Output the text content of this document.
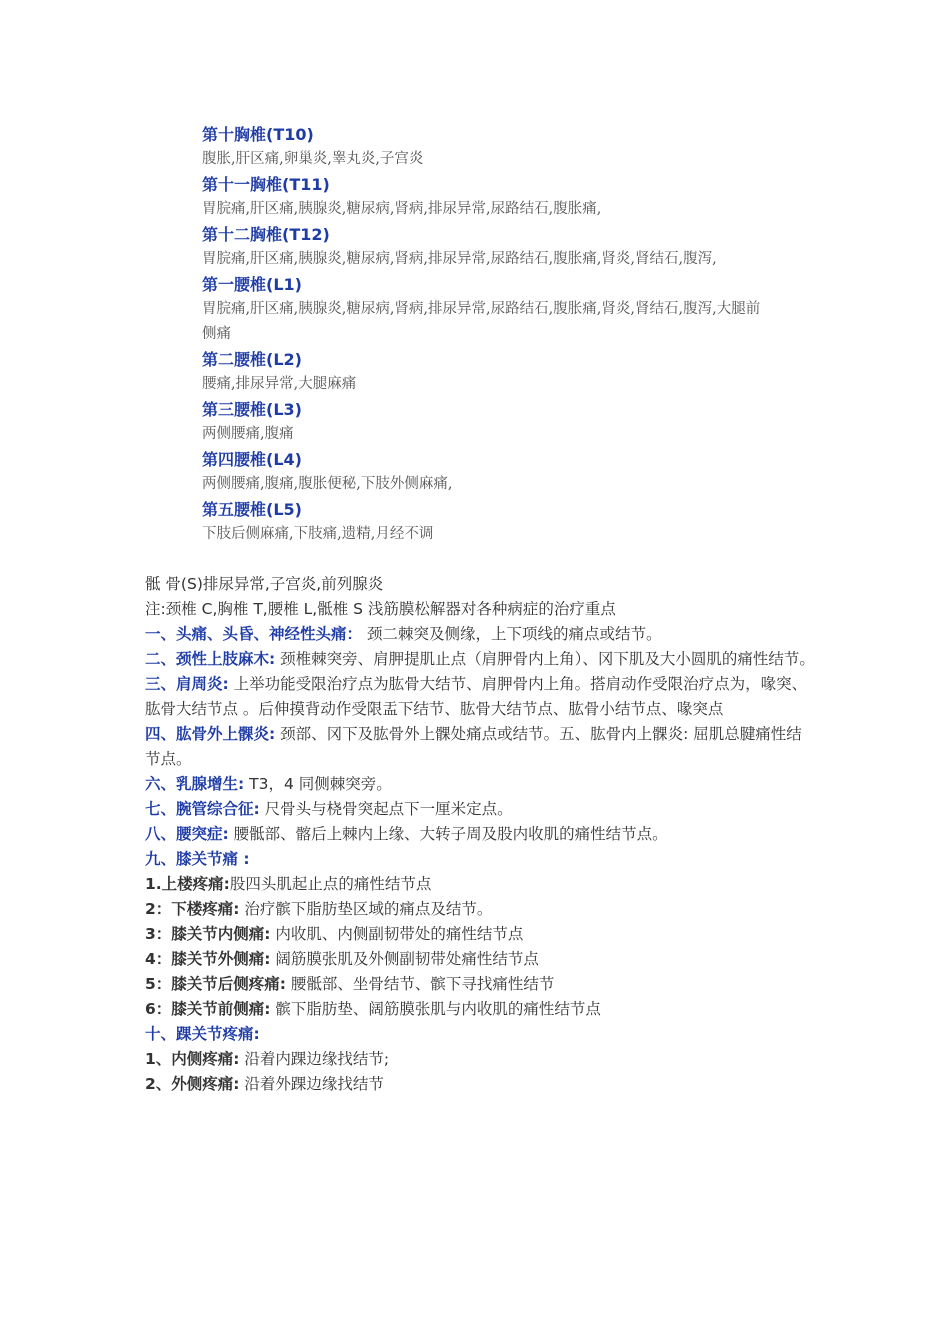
第十胸椎(T10)
腹胀,肝区痛,卵巢炎,睾丸炎,子宫炎
第十一胸椎(T11)
胃脘痛,肝区痛,胰腺炎,糖尿病,肾病,排尿异常,尿路结石,腹胀痛,
第十二胸椎(T12)
胃脘痛,肝区痛,胰腺炎,糖尿病,肾病,排尿异常,尿路结石,腹胀痛,肾炎,肾结石,腹泻,
第一腰椎(L1)
胃脘痛,肝区痛,胰腺炎,糖尿病,肾病,排尿异常,尿路结石,腹胀痛,肾炎,肾结石,腹泻,大腿前侧痛
第二腰椎(L2)
腰痛,排尿异常,大腿麻痛
第三腰椎(L3)
两侧腰痛,腹痛
第四腰椎(L4)
两侧腰痛,腹痛,腹胀便秘,下肢外侧麻痛,
第五腰椎(L5)
下肢后侧麻痛,下肢痛,遗精,月经不调
骶 骨(S)排尿异常,子宫炎,前列腺炎
注:颈椎 C,胸椎 T,腰椎 L,骶椎 S 浅筋膜松解器对各种病症的治疗重点
一、头痛、头昏、神经性头痛： 颈二棘突及侧缘，上下项线的痛点或结节。
二、颈性上肢麻木: 颈椎棘突旁、肩胛提肌止点（肩胛骨内上角）、冈下肌及大小圆肌的痛性结节。
三、肩周炎: 上举功能受限治疗点为肱骨大结节、肩胛骨内上角。搭肩动作受限治疗点为，喙突、肱骨大结节点 。后伸摸背动作受限盂下结节、肱骨大结节点、肱骨小结节点、喙突点
四、肱骨外上髁炎: 颈部、冈下及肱骨外上髁处痛点或结节。五、肱骨内上髁炎: 屈肌总腱痛性结节点。
六、乳腺增生: T3，4 同侧棘突旁。
七、腕管综合征: 尺骨头与桡骨突起点下一厘米定点。
八、腰突症: 腰骶部、髂后上棘内上缘、大转子周及股内收肌的痛性结节点。
九、膝关节痛 :
1.上楼疼痛:股四头肌起止点的痛性结节点
2：下楼疼痛: 治疗髌下脂肪垫区域的痛点及结节。
3：膝关节内侧痛: 内收肌、内侧副韧带处的痛性结节点
4：膝关节外侧痛: 阔筋膜张肌及外侧副韧带处痛性结节点
5：膝关节后侧疼痛: 腰骶部、坐骨结节、髌下寻找痛性结节
6：膝关节前侧痛: 髌下脂肪垫、阔筋膜张肌与内收肌的痛性结节点
十、踝关节疼痛:
1、内侧疼痛: 沿着内踝边缘找结节;
2、外侧疼痛: 沿着外踝边缘找结节
